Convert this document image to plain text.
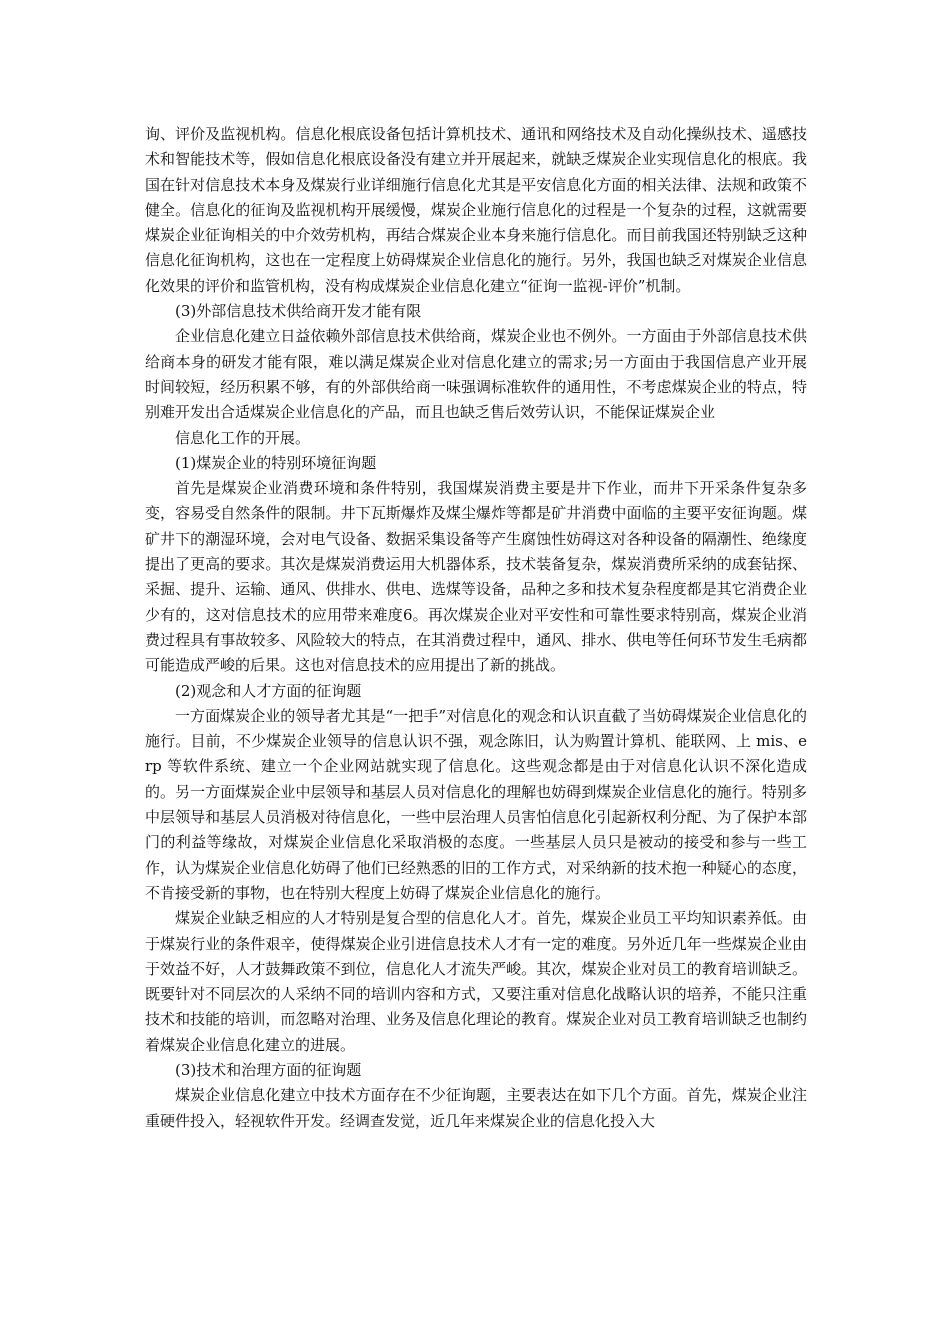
询、评价及监视机构。信息化根底设备包括计算机技术、通讯和网络技术及自动化操纵技术、遥感技术和智能技术等，假如信息化根底设备没有建立并开展起来，就缺乏煤炭企业实现信息化的根底。我国在针对信息技术本身及煤炭行业详细施行信息化尤其是平安信息化方面的相关法律、法规和政策不健全。信息化的征询及监视机构开展缓慢，煤炭企业施行信息化的过程是一个复杂的过程，这就需要煤炭企业征询相关的中介效劳机构，再结合煤炭企业本身来施行信息化。而目前我国还特别缺乏这种信息化征询机构，这也在一定程度上妨碍煤炭企业信息化的施行。另外，我国也缺乏对煤炭企业信息化效果的评价和监管机构，没有构成煤炭企业信息化建立“征询一监视-评价”机制。

(3)外部信息技术供给商开发才能有限

企业信息化建立日益依赖外部信息技术供给商，煤炭企业也不例外。一方面由于外部信息技术供给商本身的研发才能有限，难以满足煤炭企业对信息化建立的需求;另一方面由于我国信息产业开展时间较短，经历积累不够，有的外部供给商一味强调标准软件的通用性，不考虑煤炭企业的特点，特别难开发出合适煤炭企业信息化的产品，而且也缺乏售后效劳认识，不能保证煤炭企业

信息化工作的开展。

(1)煤炭企业的特别环境征询题

首先是煤炭企业消费环境和条件特别，我国煤炭消费主要是井下作业，而井下开采条件复杂多变，容易受自然条件的限制。井下瓦斯爆炸及煤尘爆炸等都是矿井消费中面临的主要平安征询题。煤矿井下的潮湿环境，会对电气设备、数据采集设备等产生腐蚀性妨碍这对各种设备的隔潮性、绝缘度提出了更高的要求。其次是煤炭消费运用大机器体系，技术装备复杂，煤炭消费所采纳的成套钻探、采掘、提升、运输、通风、供排水、供电、选煤等设备，品种之多和技术复杂程度都是其它消费企业少有的，这对信息技术的应用带来难度6。再次煤炭企业对平安性和可靠性要求特别高，煤炭企业消费过程具有事故较多、风险较大的特点，在其消费过程中，通风、排水、供电等任何环节发生毛病都可能造成严峻的后果。这也对信息技术的应用提出了新的挑战。

(2)观念和人才方面的征询题

一方面煤炭企业的领导者尤其是“一把手”对信息化的观念和认识直截了当妨碍煤炭企业信息化的施行。目前，不少煤炭企业领导的信息认识不强，观念陈旧，认为购置计算机、能联网、上 mis、erp 等软件系统、建立一个企业网站就实现了信息化。这些观念都是由于对信息化认识不深化造成的。另一方面煤炭企业中层领导和基层人员对信息化的理解也妨碍到煤炭企业信息化的施行。特别多中层领导和基层人员消极对待信息化，一些中层治理人员害怕信息化引起新权利分配、为了保护本部门的利益等缘故，对煤炭企业信息化采取消极的态度。一些基层人员只是被动的接受和参与一些工作，认为煤炭企业信息化妨碍了他们已经熟悉的旧的工作方式，对采纳新的技术抱一种疑心的态度，不肯接受新的事物，也在特别大程度上妨碍了煤炭企业信息化的施行。

煤炭企业缺乏相应的人才特别是复合型的信息化人才。首先，煤炭企业员工平均知识素养低。由于煤炭行业的条件艰辛，使得煤炭企业引进信息技术人才有一定的难度。另外近几年一些煤炭企业由于效益不好，人才鼓舞政策不到位，信息化人才流失严峻。其次，煤炭企业对员工的教育培训缺乏。既要针对不同层次的人采纳不同的培训内容和方式，又要注重对信息化战略认识的培养，不能只注重技术和技能的培训，而忽略对治理、业务及信息化理论的教育。煤炭企业对员工教育培训缺乏也制约着煤炭企业信息化建立的进展。

(3)技术和治理方面的征询题

煤炭企业信息化建立中技术方面存在不少征询题，主要表达在如下几个方面。首先，煤炭企业注重硬件投入，轻视软件开发。经调查发觉，近几年来煤炭企业的信息化投入大
